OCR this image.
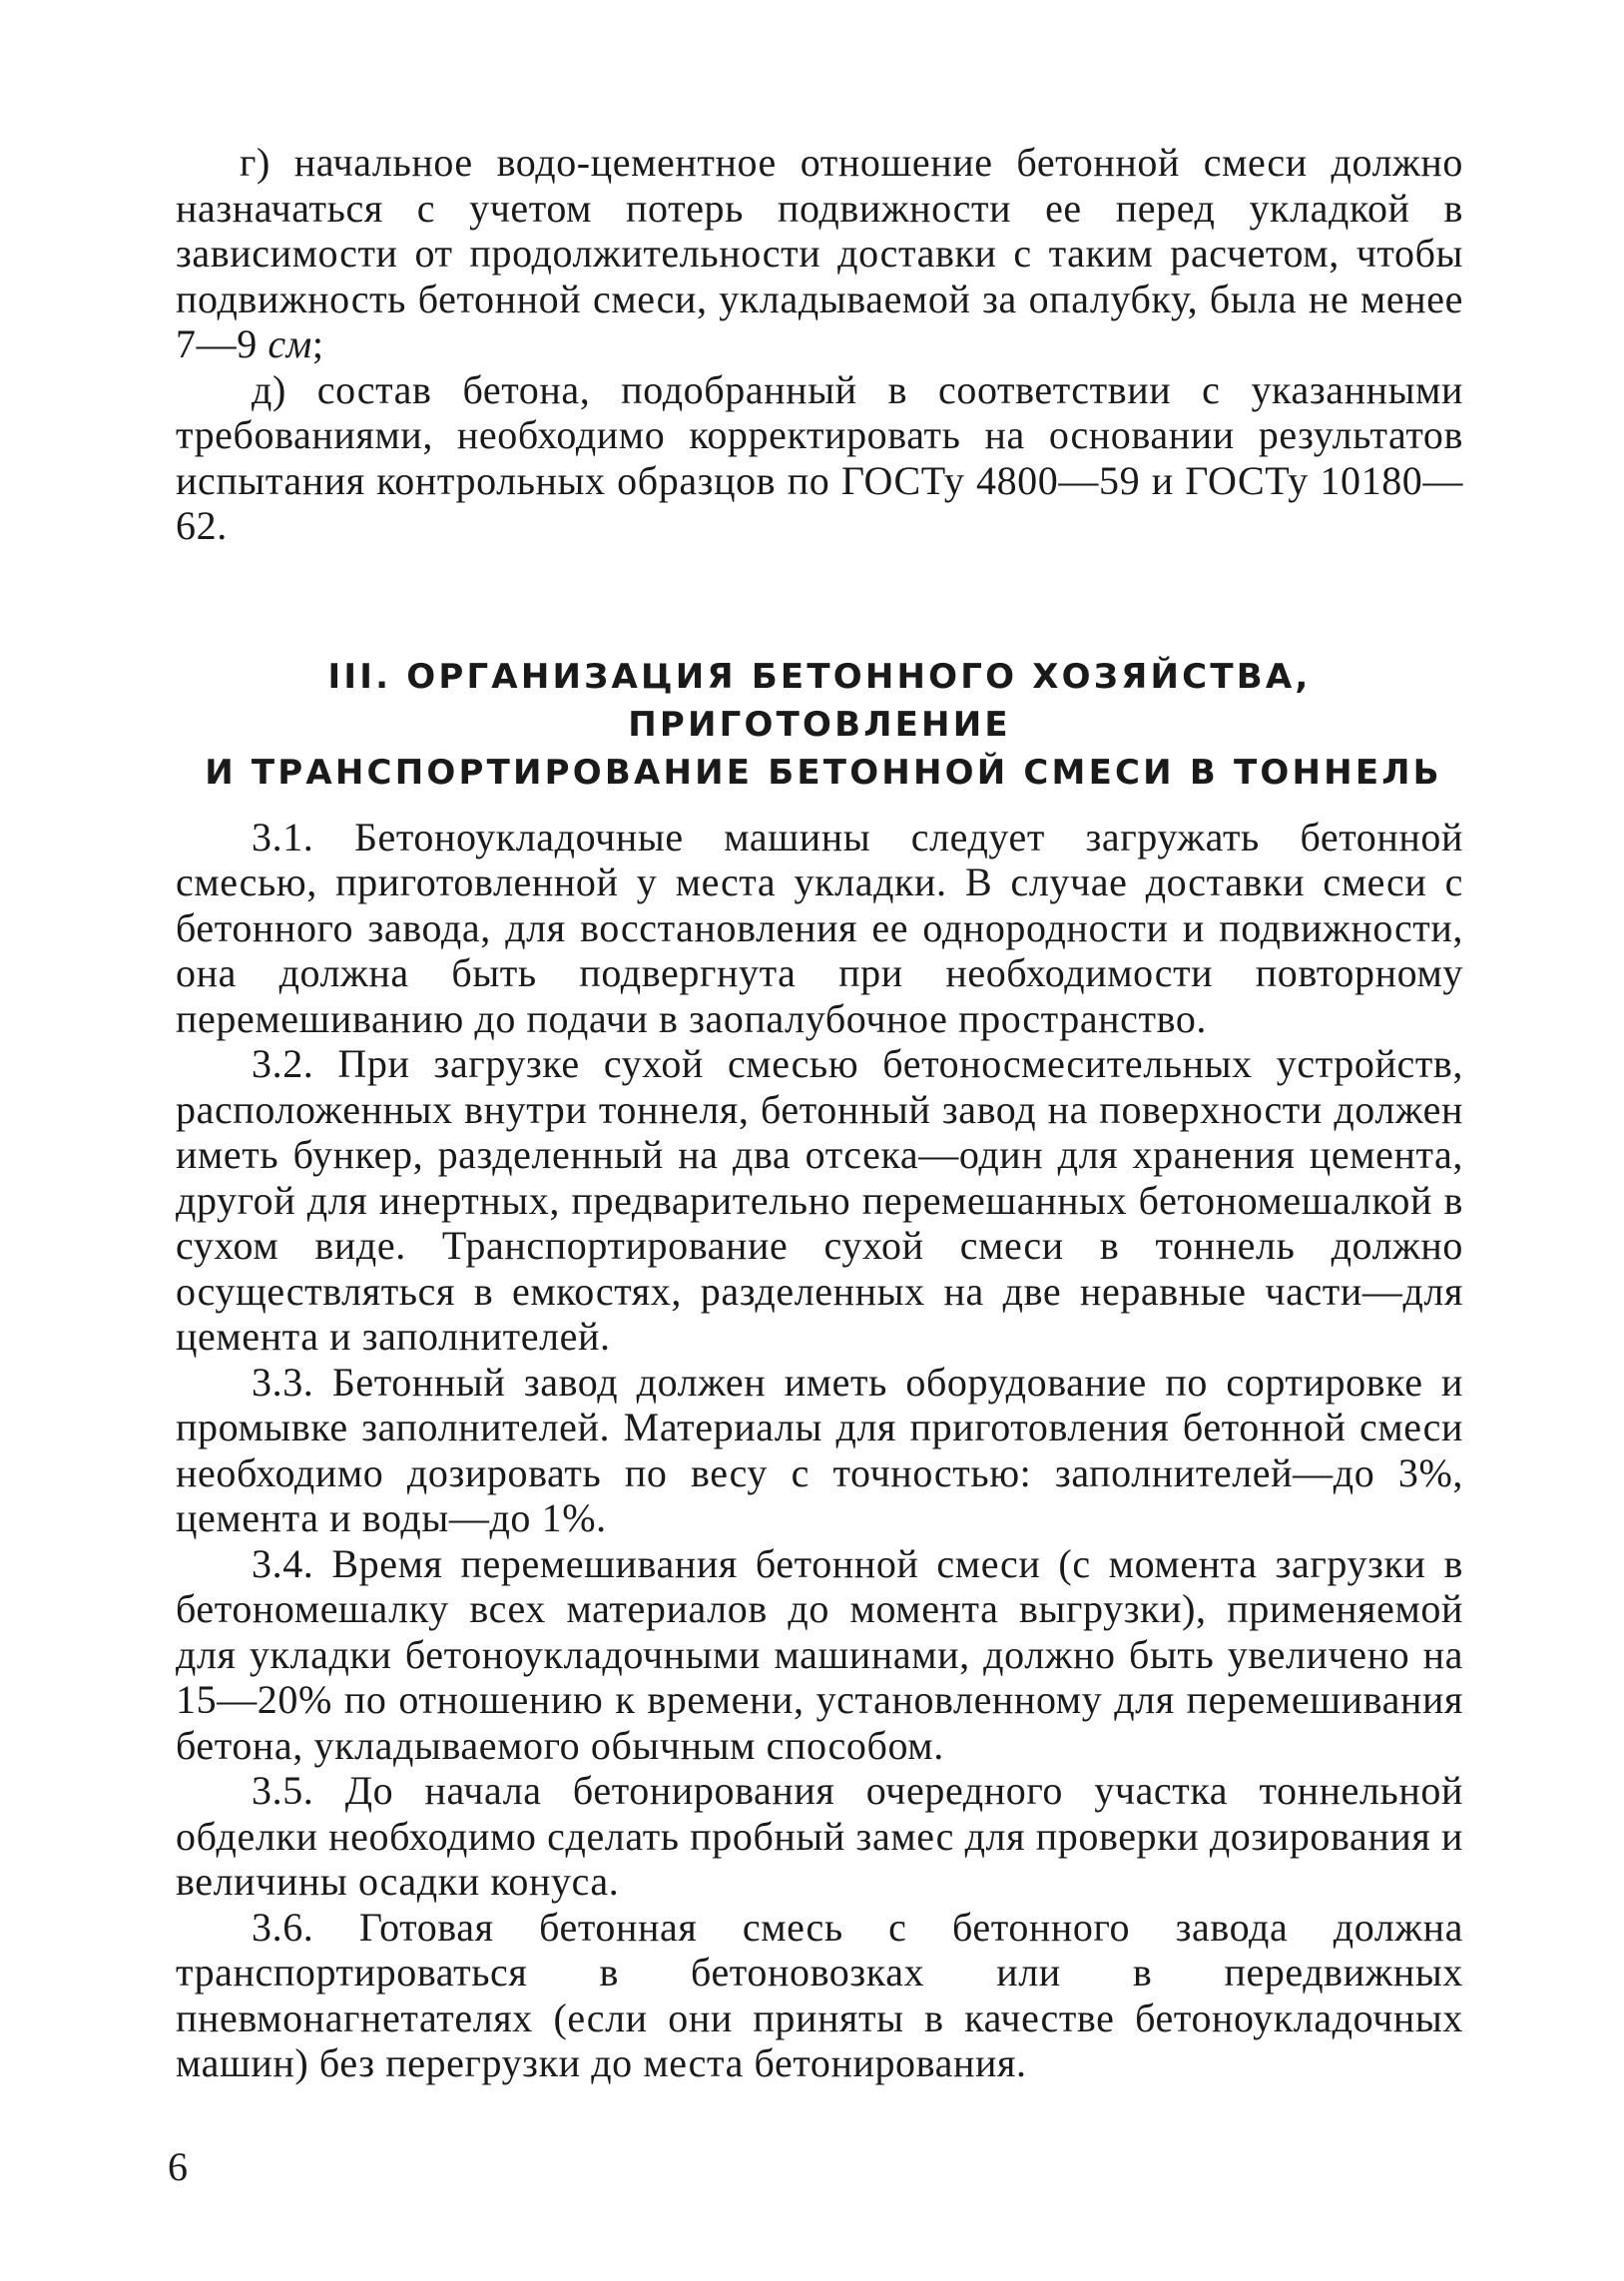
г) начальное водо-цементное отношение бетонной смеси должно назначаться с учетом потерь подвижности ее перед укладкой в зависимости от продолжительности доставки с таким расчетом, чтобы подвижность бетонной смеси, укладываемой за опалубку, была не менее 7—9 см;

д) состав бетона, подобранный в соответствии с указанными требованиями, необходимо корректировать на основании результатов испытания контрольных образцов по ГОСТу 4800—59 и ГОСТу 10180—62.

III. ОРГАНИЗАЦИЯ БЕТОННОГО ХОЗЯЙСТВА, ПРИГОТОВЛЕНИЕ
И ТРАНСПОРТИРОВАНИЕ БЕТОННОЙ СМЕСИ В ТОННЕЛЬ

3.1. Бетоноукладочные машины следует загружать бетонной смесью, приготовленной у места укладки. В случае доставки смеси с бетонного завода, для восстановления ее однородности и подвижности, она должна быть подвергнута при необходимости повторному перемешиванию до подачи в заопалубочное пространство.

3.2. При загрузке сухой смесью бетоносмесительных устройств, расположенных внутри тоннеля, бетонный завод на поверхности должен иметь бункер, разделенный на два отсека—один для хранения цемента, другой для инертных, предварительно перемешанных бетономешалкой в сухом виде. Транспортирование сухой смеси в тоннель должно осуществляться в емкостях, разделенных на две неравные части—для цемента и заполнителей.

3.3. Бетонный завод должен иметь оборудование по сортировке и промывке заполнителей. Материалы для приготовления бетонной смеси необходимо дозировать по весу с точностью: заполнителей—до 3%, цемента и воды—до 1%.

3.4. Время перемешивания бетонной смеси (с момента загрузки в бетономешалку всех материалов до момента выгрузки), применяемой для укладки бетоноукладочными машинами, должно быть увеличено на 15—20% по отношению к времени, установленному для перемешивания бетона, укладываемого обычным способом.

3.5. До начала бетонирования очередного участка тоннельной обделки необходимо сделать пробный замес для проверки дозирования и величины осадки конуса.

3.6. Готовая бетонная смесь с бетонного завода должна транспортироваться в бетоновозках или в передвижных пневмонагнетателях (если они приняты в качестве бетоноукладочных машин) без перегрузки до места бетонирования.

6
